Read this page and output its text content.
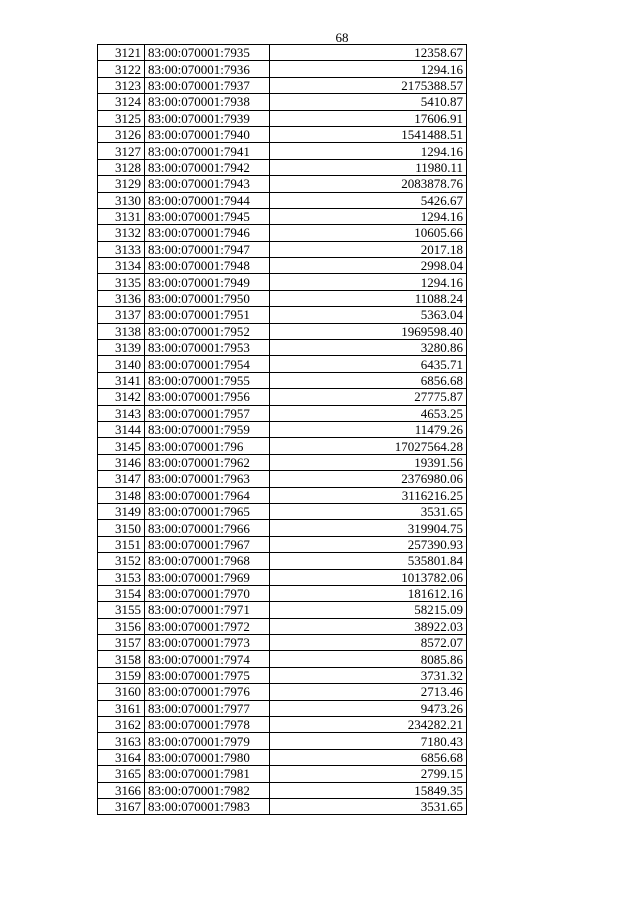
68
3121	83:00:070001:7935	12358.67
3122	83:00:070001:7936	1294.16
3123	83:00:070001:7937	2175388.57
3124	83:00:070001:7938	5410.87
3125	83:00:070001:7939	17606.91
3126	83:00:070001:7940	1541488.51
3127	83:00:070001:7941	1294.16
3128	83:00:070001:7942	11980.11
3129	83:00:070001:7943	2083878.76
3130	83:00:070001:7944	5426.67
3131	83:00:070001:7945	1294.16
3132	83:00:070001:7946	10605.66
3133	83:00:070001:7947	2017.18
3134	83:00:070001:7948	2998.04
3135	83:00:070001:7949	1294.16
3136	83:00:070001:7950	11088.24
3137	83:00:070001:7951	5363.04
3138	83:00:070001:7952	1969598.40
3139	83:00:070001:7953	3280.86
3140	83:00:070001:7954	6435.71
3141	83:00:070001:7955	6856.68
3142	83:00:070001:7956	27775.87
3143	83:00:070001:7957	4653.25
3144	83:00:070001:7959	11479.26
3145	83:00:070001:796	17027564.28
3146	83:00:070001:7962	19391.56
3147	83:00:070001:7963	2376980.06
3148	83:00:070001:7964	3116216.25
3149	83:00:070001:7965	3531.65
3150	83:00:070001:7966	319904.75
3151	83:00:070001:7967	257390.93
3152	83:00:070001:7968	535801.84
3153	83:00:070001:7969	1013782.06
3154	83:00:070001:7970	181612.16
3155	83:00:070001:7971	58215.09
3156	83:00:070001:7972	38922.03
3157	83:00:070001:7973	8572.07
3158	83:00:070001:7974	8085.86
3159	83:00:070001:7975	3731.32
3160	83:00:070001:7976	2713.46
3161	83:00:070001:7977	9473.26
3162	83:00:070001:7978	234282.21
3163	83:00:070001:7979	7180.43
3164	83:00:070001:7980	6856.68
3165	83:00:070001:7981	2799.15
3166	83:00:070001:7982	15849.35
3167	83:00:070001:7983	3531.65
